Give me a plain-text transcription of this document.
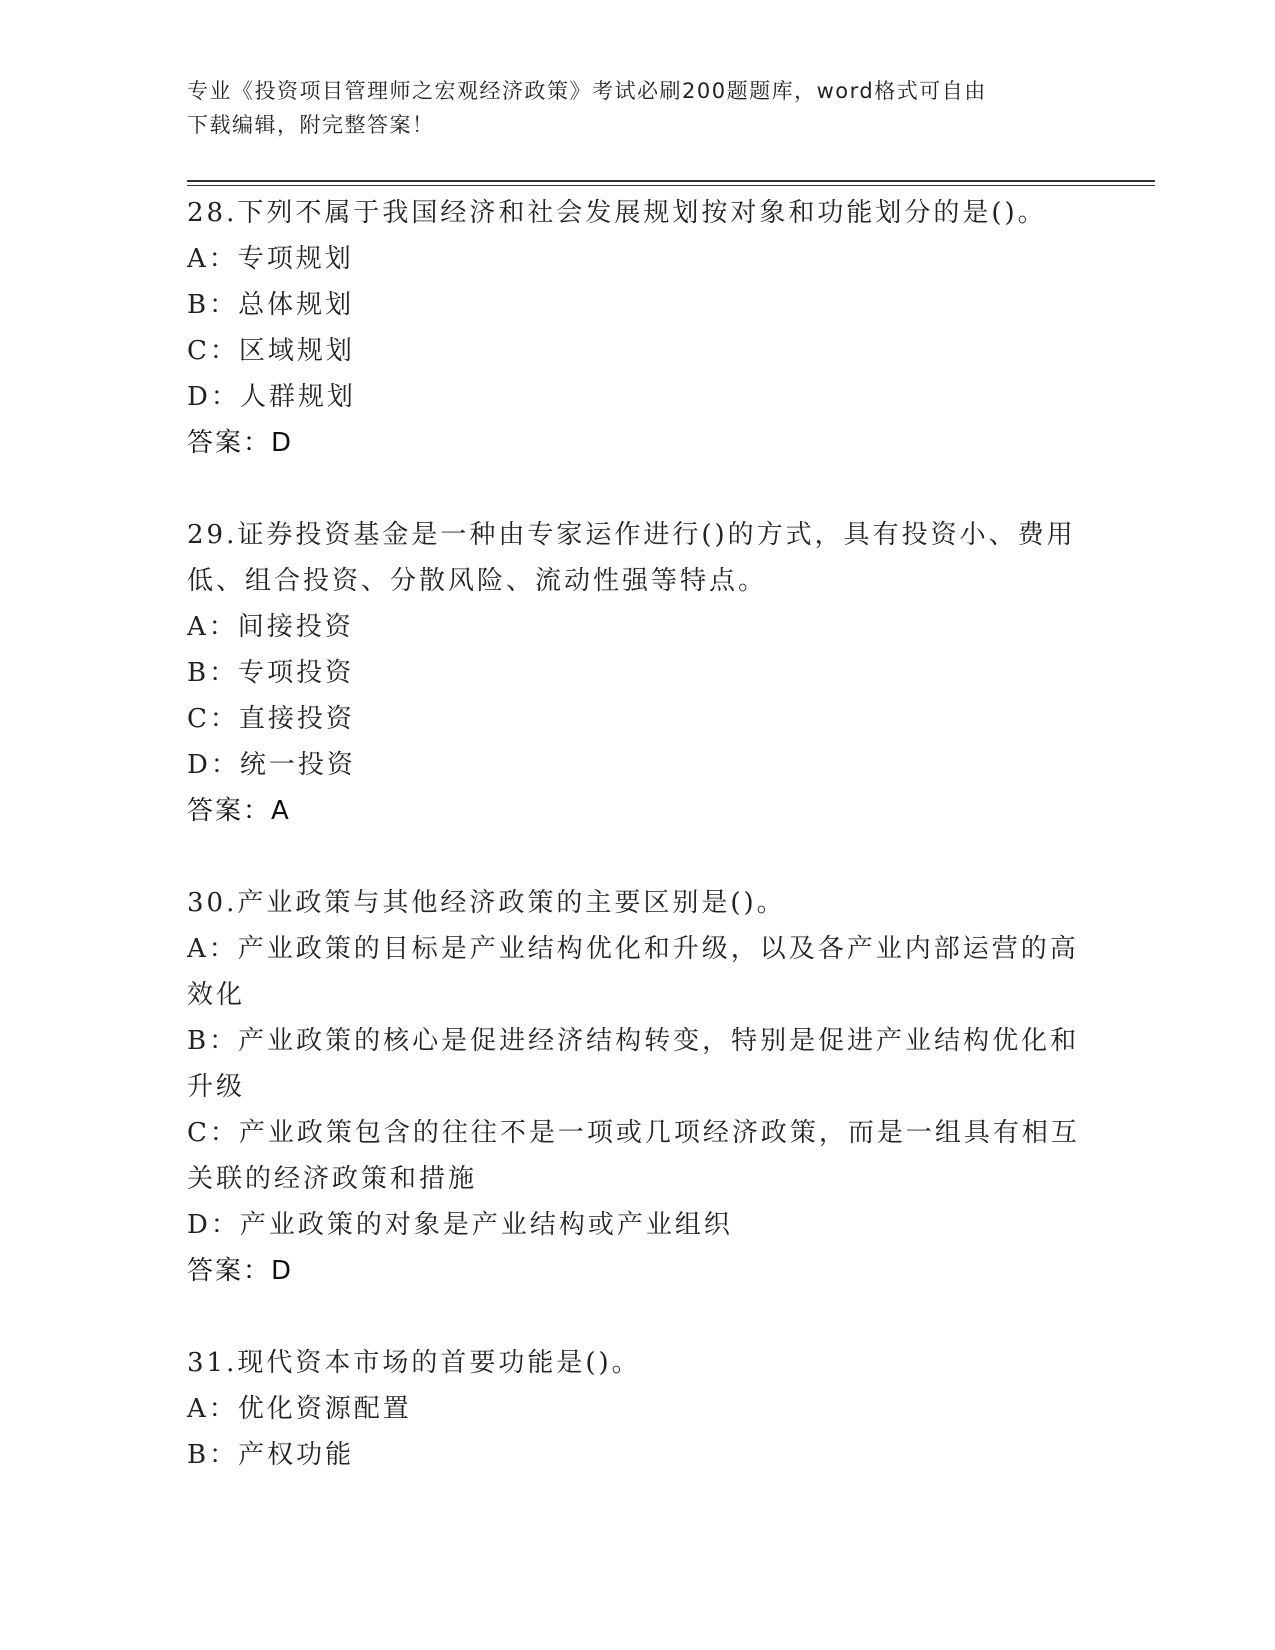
专业《投资项目管理师之宏观经济政策》考试必刷200题题库，word格式可自由
下载编辑，附完整答案！
28.下列不属于我国经济和社会发展规划按对象和功能划分的是()。
A：专项规划
B：总体规划
C：区域规划
D：人群规划
答案：D
29.证券投资基金是一种由专家运作进行()的方式，具有投资小、费用
低、组合投资、分散风险、流动性强等特点。
A：间接投资
B：专项投资
C：直接投资
D：统一投资
答案：A
30.产业政策与其他经济政策的主要区别是()。
A：产业政策的目标是产业结构优化和升级，以及各产业内部运营的高
效化
B：产业政策的核心是促进经济结构转变，特别是促进产业结构优化和
升级
C：产业政策包含的往往不是一项或几项经济政策，而是一组具有相互
关联的经济政策和措施
D：产业政策的对象是产业结构或产业组织
答案：D
31.现代资本市场的首要功能是()。
A：优化资源配置
B：产权功能
